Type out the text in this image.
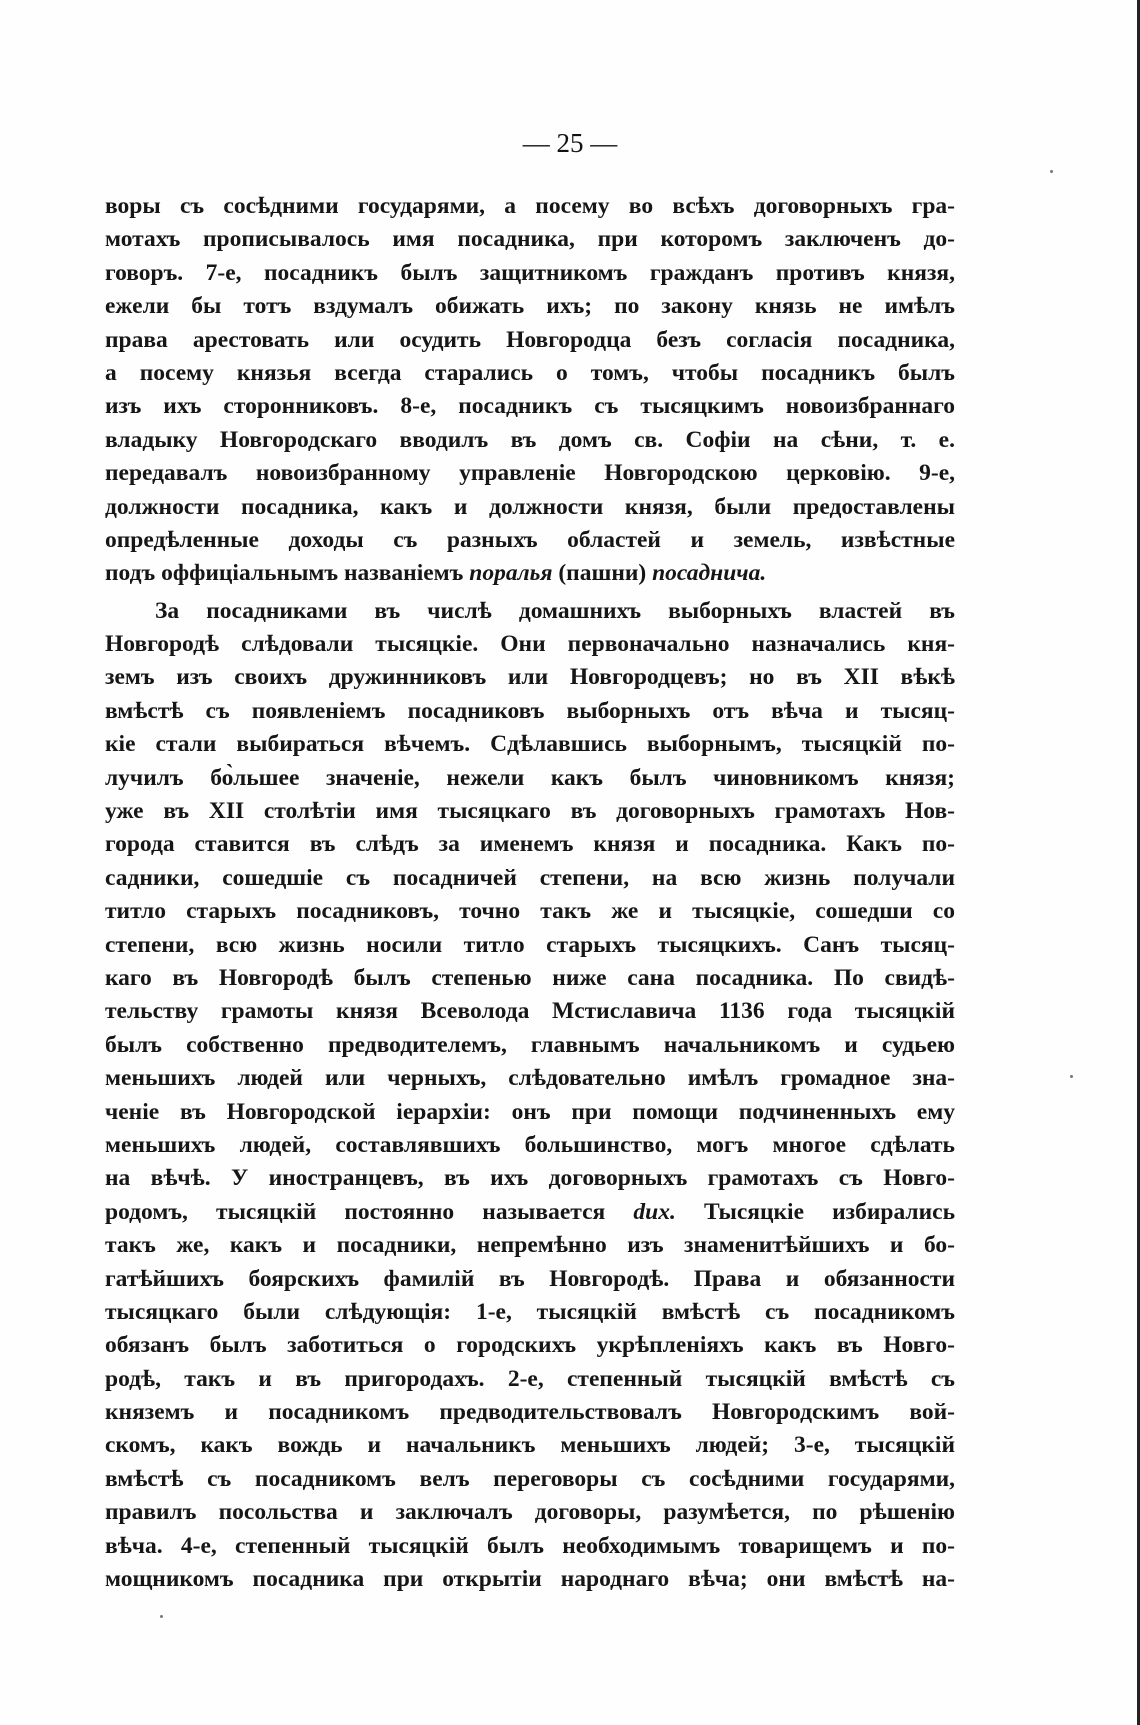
— 25 —
воры съ сосѣдними государями, а посему во всѣхъ договорныхъ гра-
мотахъ прописывалось имя посадника, при которомъ заключенъ до-
говоръ. 7-е, посадникъ былъ защитникомъ гражданъ противъ князя,
ежели бы тотъ вздумалъ обижать ихъ; по закону князь не имѣлъ
права арестовать или осудить Новгородца безъ согласія посадника,
а посему князья всегда старались о томъ, чтобы посадникъ былъ
изъ ихъ сторонниковъ. 8-е, посадникъ съ тысяцкимъ новоизбраннаго
владыку Новгородскаго вводилъ въ домъ св. Софіи на сѣни, т. е.
передавалъ новоизбранному управленіе Новгородскою церковію. 9-е,
должности посадника, какъ и должности князя, были предоставлены
опредѣленные доходы съ разныхъ областей и земель, извѣстные
подъ оффиціальнымъ названіемъ поралья (пашни) посаднича.
За посадниками въ числѣ домашнихъ выборныхъ властей въ
Новгородѣ слѣдовали тысяцкіе. Они первоначально назначались кня-
земъ изъ своихъ дружинниковъ или Новгородцевъ; но въ XII вѣкѣ
вмѣстѣ съ появленіемъ посадниковъ выборныхъ отъ вѣча и тысяц-
кіе стали выбираться вѣчемъ. Сдѣлавшись выборнымъ, тысяцкій по-
лучилъ бо̀льшее значеніе, нежели какъ былъ чиновникомъ князя;
уже въ XII столѣтіи имя тысяцкаго въ договорныхъ грамотахъ Нов-
города ставится въ слѣдъ за именемъ князя и посадника. Какъ по-
садники, сошедшіе съ посадничей степени, на всю жизнь получали
титло старыхъ посадниковъ, точно такъ же и тысяцкіе, сошедши со
степени, всю жизнь носили титло старыхъ тысяцкихъ. Санъ тысяц-
каго въ Новгородѣ былъ степенью ниже сана посадника. По свидѣ-
тельству грамоты князя Всеволода Мстиславича 1136 года тысяцкій
былъ собственно предводителемъ, главнымъ начальникомъ и судьею
меньшихъ людей или черныхъ, слѣдовательно имѣлъ громадное зна-
ченіе въ Новгородской іерархіи: онъ при помощи подчиненныхъ ему
меньшихъ людей, составлявшихъ большинство, могъ многое сдѣлать
на вѣчѣ. У иностранцевъ, въ ихъ договорныхъ грамотахъ съ Новго-
родомъ, тысяцкій постоянно называется dux. Тысяцкіе избирались
такъ же, какъ и посадники, непремѣнно изъ знаменитѣйшихъ и бо-
гатѣйшихъ боярскихъ фамилій въ Новгородѣ. Права и обязанности
тысяцкаго были слѣдующія: 1-е, тысяцкій вмѣстѣ съ посадникомъ
обязанъ былъ заботиться о городскихъ укрѣпленіяхъ какъ въ Новго-
родѣ, такъ и въ пригородахъ. 2-е, степенный тысяцкій вмѣстѣ съ
княземъ и посадникомъ предводительствовалъ Новгородскимъ вой-
скомъ, какъ вождь и начальникъ меньшихъ людей; 3-е, тысяцкій
вмѣстѣ съ посадникомъ велъ переговоры съ сосѣдними государями,
правилъ посольства и заключалъ договоры, разумѣется, по рѣшенію
вѣча. 4-е, степенный тысяцкій былъ необходимымъ товарищемъ и по-
мощникомъ посадника при открытіи народнаго вѣча; они вмѣстѣ на-
